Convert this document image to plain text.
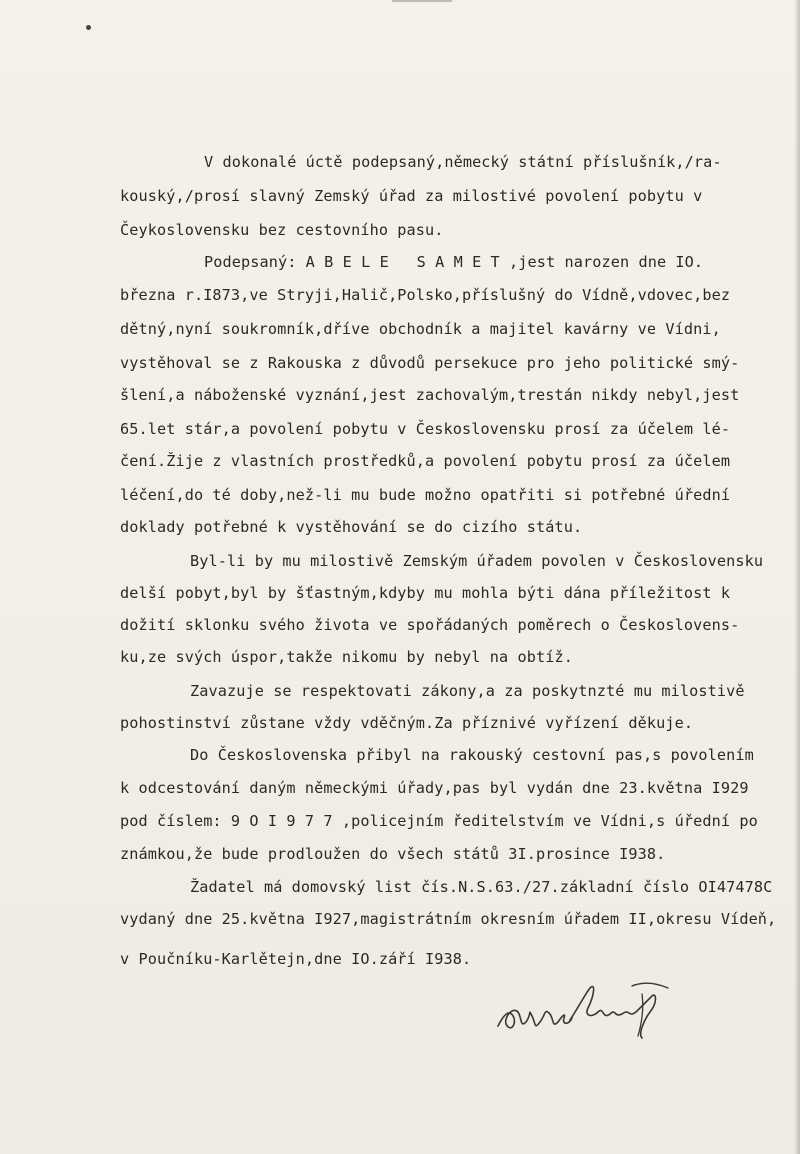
V dokonalé úctě podepsaný,německý státní příslušník,/ra-
kouský,/prosí slavný Zemský úřad za milostivé povolení pobytu v
Čeykoslovensku bez cestovního pasu.
Podepsaný: A B E L E   S A M E T ,jest narozen dne IO.
března r.I873,ve Stryji,Halič,Polsko,příslušný do Vídně,vdovec,bez
dětný,nyní soukromník,dříve obchodník a majitel kavárny ve Vídni,
vystěhoval se z Rakouska z důvodů persekuce pro jeho politické smý-
šlení,a náboženské vyznání,jest zachovalým,trestán nikdy nebyl,jest
65.let stár,a povolení pobytu v Československu prosí za účelem lé-
čení.Žije z vlastních prostředků,a povolení pobytu prosí za účelem
léčení,do té doby,než-li mu bude možno opatřiti si potřebné úřední
doklady potřebné k vystěhování se do cizího státu.
Byl-li by mu milostivě Zemským úřadem povolen v Československu
delší pobyt,byl by šťastným,kdyby mu mohla býti dána příležitost k
dožití sklonku svého života ve spořádaných poměrech o Českoslovens-
ku,ze svých úspor,takže nikomu by nebyl na obtíž.
Zavazuje se respektovati zákony,a za poskytnzté mu milostivě
pohostinství zůstane vždy vděčným.Za příznivé vyřízení děkuje.
Do Československa přibyl na rakouský cestovní pas,s povolením
k odcestování daným německými úřady,pas byl vydán dne 23.května I929
pod číslem: 9 O I 9 7 7 ,policejním ředitelstvím ve Vídni,s úřední po
známkou,že bude prodloužen do všech států 3I.prosince I938.
Žadatel má domovský list čís.N.S.63./27.základní číslo OI47478C
vydaný dne 25.května I927,magistrátním okresním úřadem II,okresu Vídeň,
v Poučníku-Karlětejn,dne IO.září I938.
